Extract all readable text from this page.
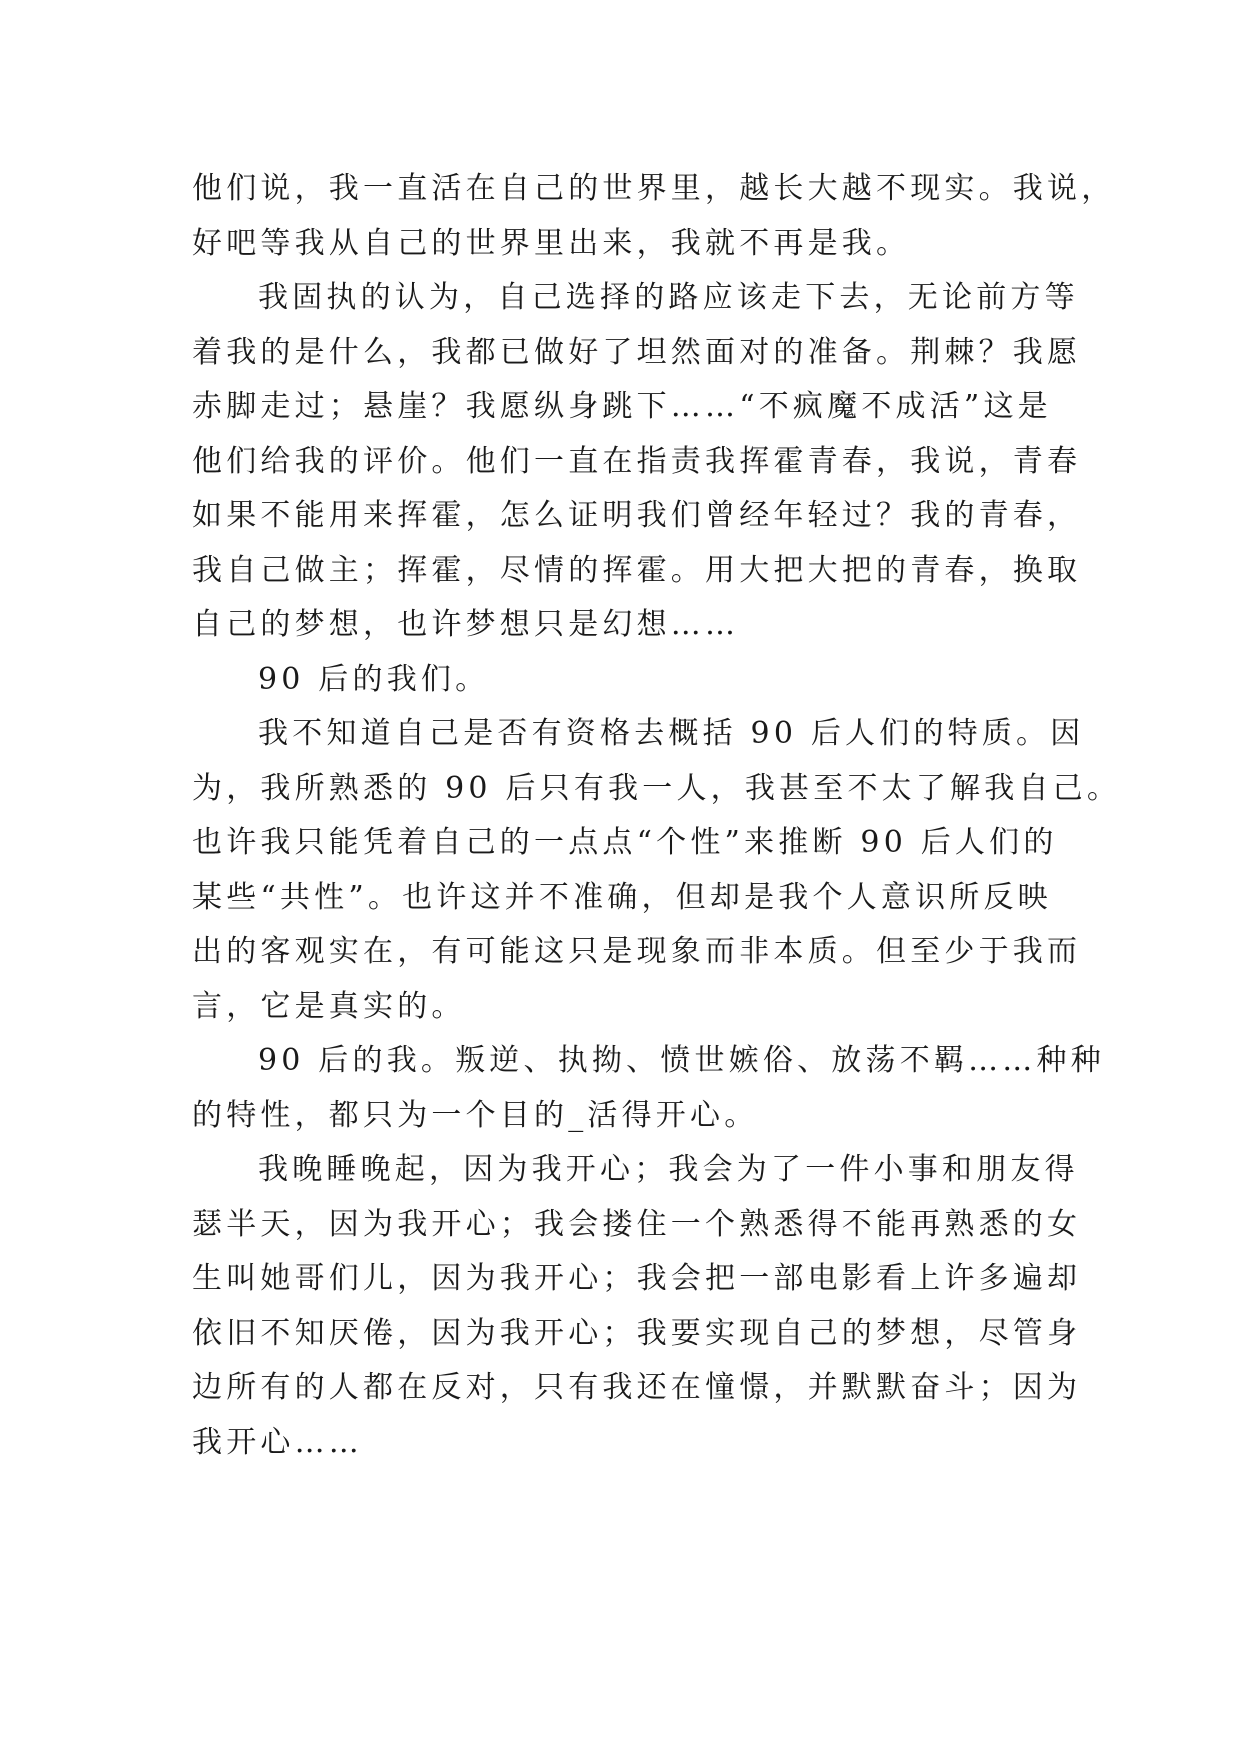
他们说，我一直活在自己的世界里，越长大越不现实。我说，
好吧等我从自己的世界里出来，我就不再是我。
我固执的认为，自己选择的路应该走下去，无论前方等
着我的是什么，我都已做好了坦然面对的准备。荆棘？我愿
赤脚走过；悬崖？我愿纵身跳下……“不疯魔不成活”这是
他们给我的评价。他们一直在指责我挥霍青春，我说，青春
如果不能用来挥霍，怎么证明我们曾经年轻过？我的青春，
我自己做主；挥霍，尽情的挥霍。用大把大把的青春，换取
自己的梦想，也许梦想只是幻想……
90 后的我们。
我不知道自己是否有资格去概括 90 后人们的特质。因
为，我所熟悉的 90 后只有我一人，我甚至不太了解我自己。
也许我只能凭着自己的一点点“个性”来推断 90 后人们的
某些“共性”。也许这并不准确，但却是我个人意识所反映
出的客观实在，有可能这只是现象而非本质。但至少于我而
言，它是真实的。
90 后的我。叛逆、执拗、愤世嫉俗、放荡不羁……种种
的特性，都只为一个目的_活得开心。
我晚睡晚起，因为我开心；我会为了一件小事和朋友得
瑟半天，因为我开心；我会搂住一个熟悉得不能再熟悉的女
生叫她哥们儿，因为我开心；我会把一部电影看上许多遍却
依旧不知厌倦，因为我开心；我要实现自己的梦想，尽管身
边所有的人都在反对，只有我还在憧憬，并默默奋斗；因为
我开心……
